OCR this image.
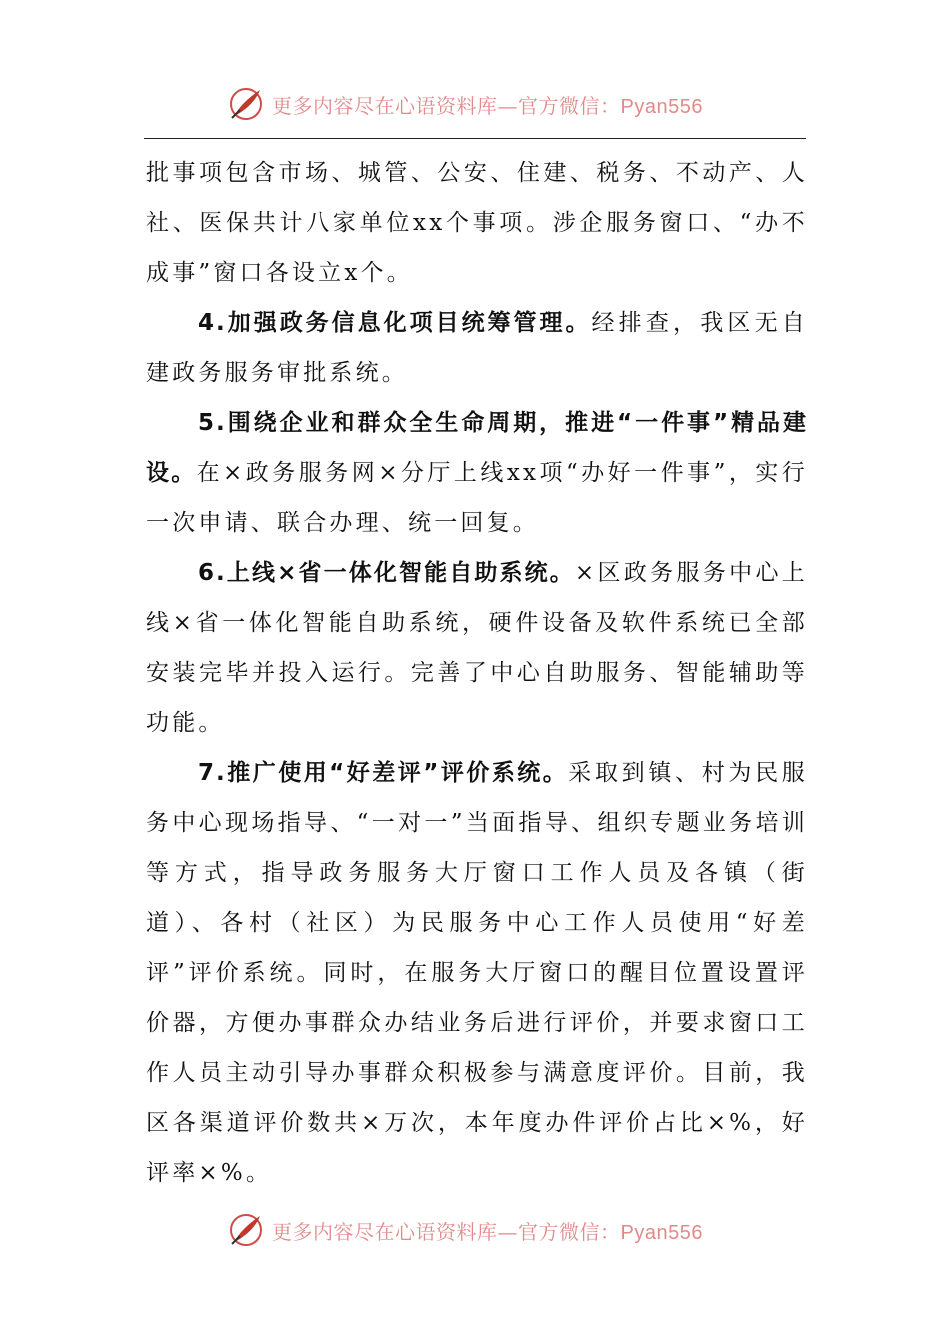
更多内容尽在心语资料库—官方微信：Pyan556

批事项包含市场、城管、公安、住建、税务、不动产、人社、医保共计八家单位xx个事项。涉企服务窗口、“办不成事”窗口各设立x个。

4.加强政务信息化项目统筹管理。经排查，我区无自建政务服务审批系统。

5.围绕企业和群众全生命周期，推进“一件事”精品建设。在×政务服务网×分厅上线xx项“办好一件事”，实行一次申请、联合办理、统一回复。

6.上线×省一体化智能自助系统。×区政务服务中心上线×省一体化智能自助系统，硬件设备及软件系统已全部安装完毕并投入运行。完善了中心自助服务、智能辅助等功能。

7.推广使用“好差评”评价系统。采取到镇、村为民服务中心现场指导、“一对一”当面指导、组织专题业务培训等方式，指导政务服务大厅窗口工作人员及各镇（街道）、各村（社区）为民服务中心工作人员使用“好差评”评价系统。同时，在服务大厅窗口的醒目位置设置评价器，方便办事群众办结业务后进行评价，并要求窗口工作人员主动引导办事群众积极参与满意度评价。目前，我区各渠道评价数共×万次，本年度办件评价占比×%，好评率×%。

更多内容尽在心语资料库—官方微信：Pyan556
